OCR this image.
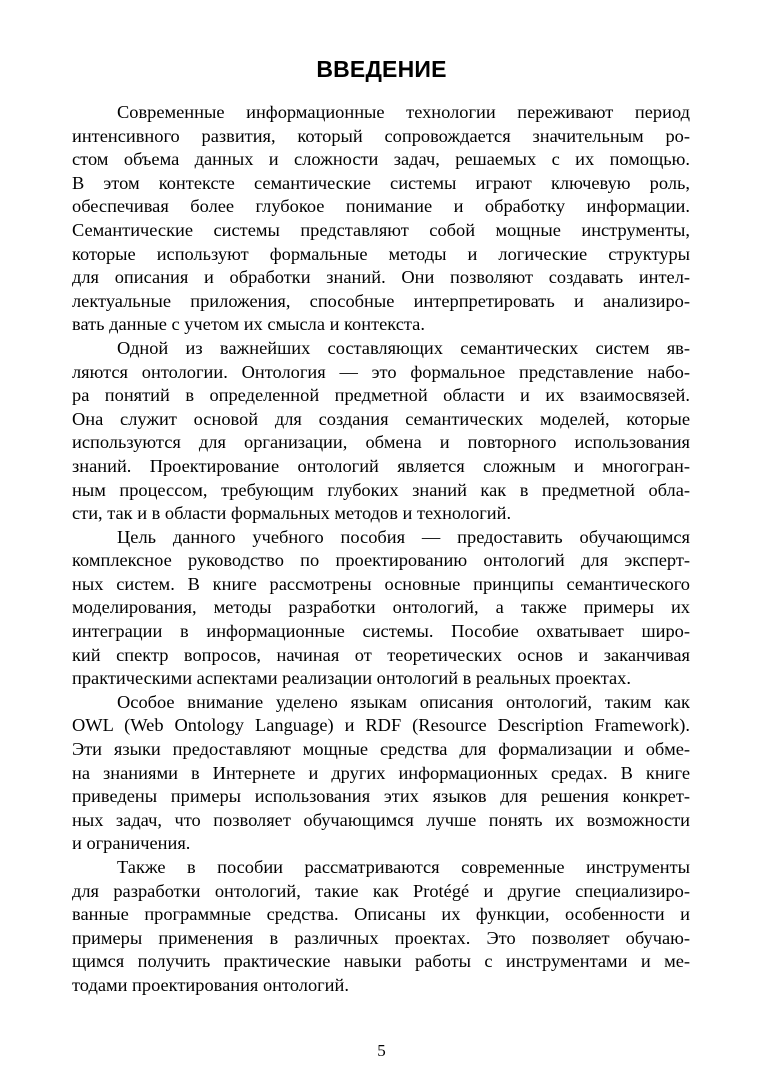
ВВЕДЕНИЕ
Современные информационные технологии переживают период
интенсивного развития, который сопровождается значительным ро-
стом объема данных и сложности задач, решаемых с их помощью.
В этом контексте семантические системы играют ключевую роль,
обеспечивая более глубокое понимание и обработку информации.
Семантические системы представляют собой мощные инструменты,
которые используют формальные методы и логические структуры
для описания и обработки знаний. Они позволяют создавать интел-
лектуальные приложения, способные интерпретировать и анализиро-
вать данные с учетом их смысла и контекста.
Одной из важнейших составляющих семантических систем яв-
ляются онтологии. Онтология — это формальное представление набо-
ра понятий в определенной предметной области и их взаимосвязей.
Она служит основой для создания семантических моделей, которые
используются для организации, обмена и повторного использования
знаний. Проектирование онтологий является сложным и многогран-
ным процессом, требующим глубоких знаний как в предметной обла-
сти, так и в области формальных методов и технологий.
Цель данного учебного пособия — предоставить обучающимся
комплексное руководство по проектированию онтологий для эксперт-
ных систем. В книге рассмотрены основные принципы семантического
моделирования, методы разработки онтологий, а также примеры их
интеграции в информационные системы. Пособие охватывает широ-
кий спектр вопросов, начиная от теоретических основ и заканчивая
практическими аспектами реализации онтологий в реальных проектах.
Особое внимание уделено языкам описания онтологий, таким как
OWL (Web Ontology Language) и RDF (Resource Description Framework).
Эти языки предоставляют мощные средства для формализации и обме-
на знаниями в Интернете и других информационных средах. В книге
приведены примеры использования этих языков для решения конкрет-
ных задач, что позволяет обучающимся лучше понять их возможности
и ограничения.
Также в пособии рассматриваются современные инструменты
для разработки онтологий, такие как Protégé и другие специализиро-
ванные программные средства. Описаны их функции, особенности и
примеры применения в различных проектах. Это позволяет обучаю-
щимся получить практические навыки работы с инструментами и ме-
тодами проектирования онтологий.
5
